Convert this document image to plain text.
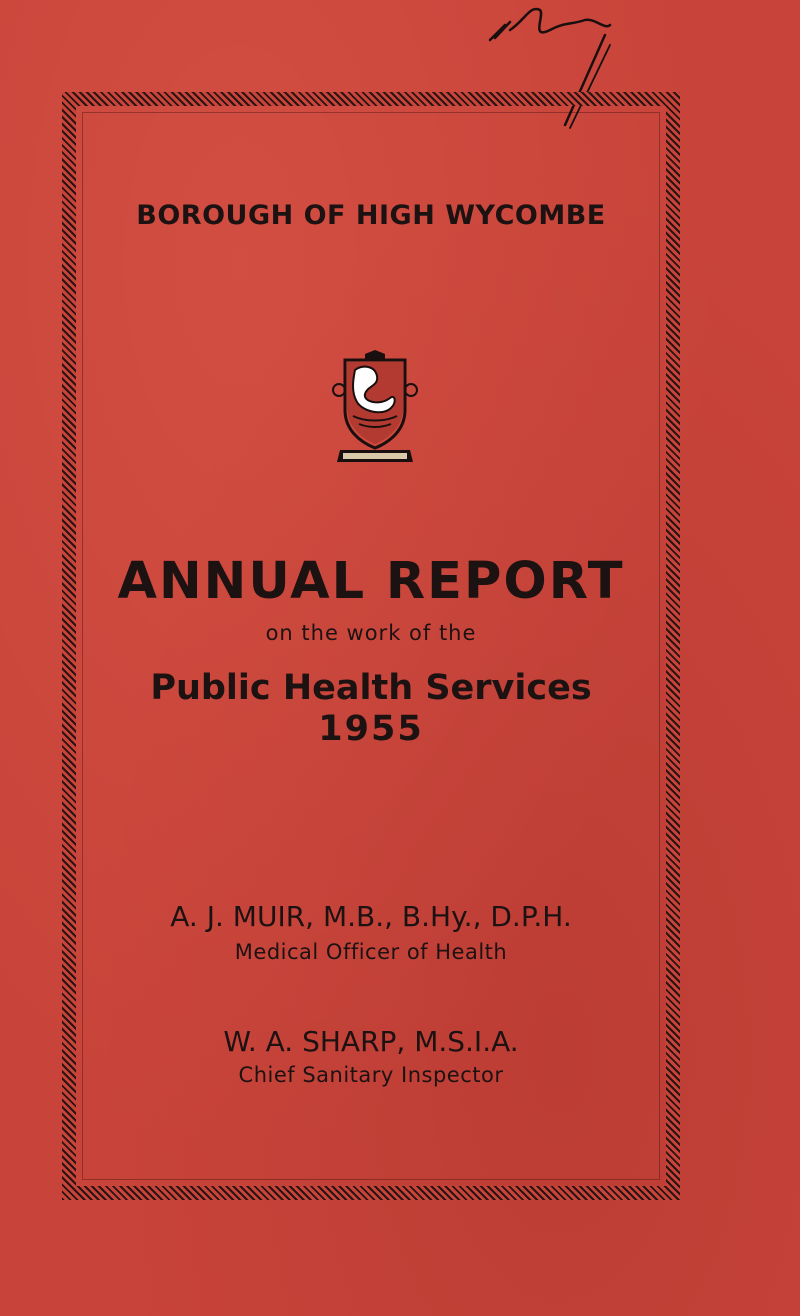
BOROUGH OF HIGH WYCOMBE
ANNUAL REPORT
on the work of the
Public Health Services
1955
A. J. MUIR, M.B., B.Hy., D.P.H.
Medical Officer of Health
W. A. SHARP, M.S.I.A.
Chief Sanitary Inspector
